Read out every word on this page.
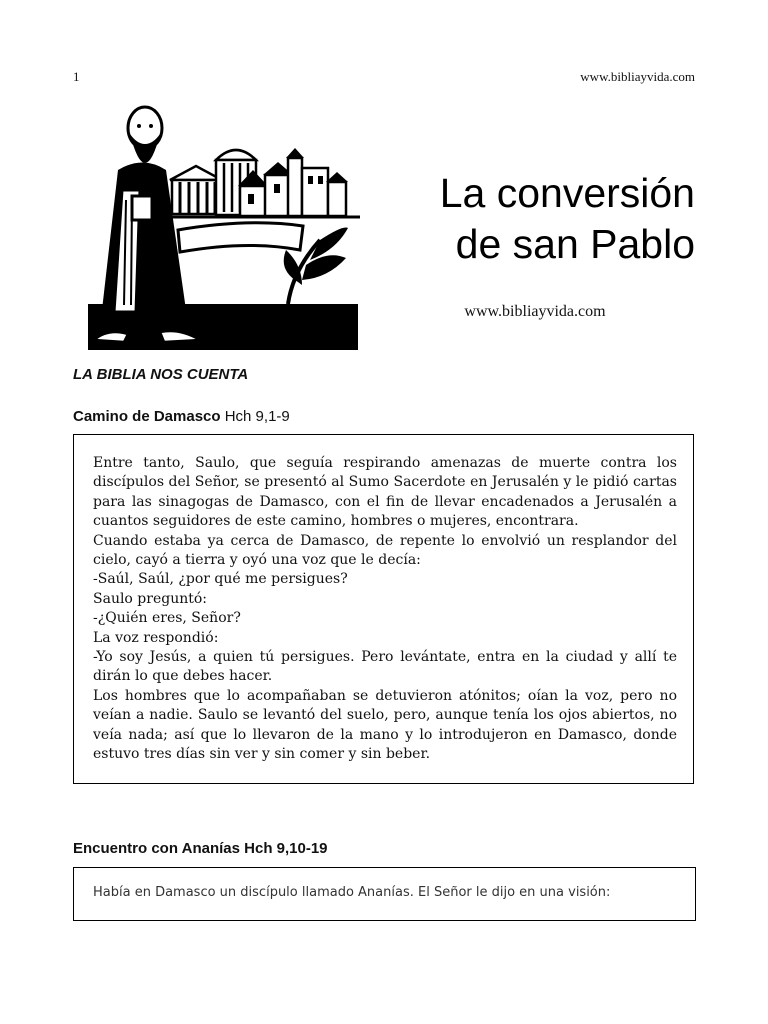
1	www.bibliayvida.com
La conversión
de san Pablo
www.bibliayvida.com
LA BIBLIA NOS CUENTA
Camino de Damasco Hch 9,1-9

Entre tanto, Saulo, que seguía respirando amenazas de muerte contra los discípulos del Señor, se presentó al Sumo Sacerdote en Jerusalén y le pidió cartas para las sinagogas de Damasco, con el fin de llevar encadenados a Jerusalén a cuantos seguidores de este camino, hombres o mujeres, encontrara.

Cuando estaba ya cerca de Damasco, de repente lo envolvió un resplandor del cielo, cayó a tierra y oyó una voz que le decía:

-Saúl, Saúl, ¿por qué me persigues?

Saulo preguntó:

-¿Quién eres, Señor?

La voz respondió:

-Yo soy Jesús, a quien tú persigues. Pero levántate, entra en la ciudad y allí te dirán lo que debes hacer.

Los hombres que lo acompañaban se detuvieron atónitos; oían la voz, pero no veían a nadie. Saulo se levantó del suelo, pero, aunque tenía los ojos abiertos, no veía nada; así que lo llevaron de la mano y lo introdujeron en Damasco, donde estuvo tres días sin ver y sin comer y sin beber.

Encuentro con Ananías Hch 9,10-19
Había en Damasco un discípulo llamado Ananías. El Señor le dijo en una visión:
